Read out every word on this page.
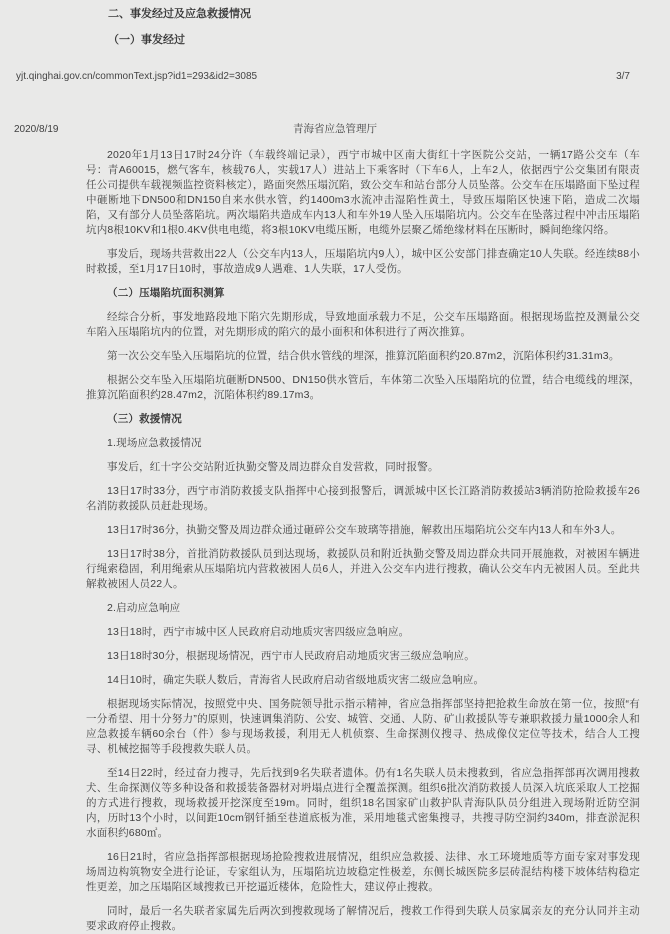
二、事发经过及应急救援情况
（一）事发经过
yjt.qinghai.gov.cn/commonText.jsp?id1=293&id2=3085	3/7
2020/8/19	青海省应急管理厅
2020年1月13日17时24分许（车载终端记录），西宁市城中区南大街红十字医院公交站，一辆17路公交车（车号：青A60015，燃气客车，核载76人，实载17人）进站上下乘客时（下车6人，上车2人，依据西宁公交集团有限责任公司提供车载视频监控资料核定），路面突然压塌沉陷，致公交车和站台部分人员坠落。公交车在压塌路面下坠过程中砸断地下DN500和DN150自来水供水管，约1400m3水流冲击湿陷性黄土，导致压塌陷区快速下陷，造成二次塌陷，又有部分人员坠落陷坑。两次塌陷共造成车内13人和车外19人坠入压塌陷坑内。公交车在坠落过程中冲击压塌陷坑内8根10KV和1根0.4KV供电电缆，将3根10KV电缆压断，电缆外层聚乙烯绝缘材料在压断时，瞬间绝缘闪络。
事发后，现场共营救出22人（公交车内13人，压塌陷坑内9人），城中区公安部门排查确定10人失联。经连续88小时救援，至1月17日10时，事故造成9人遇难、1人失联，17人受伤。
（二）压塌陷坑面积测算
经综合分析，事发地路段地下陷穴先期形成，导致地面承载力不足，公交车压塌路面。根据现场监控及测量公交车陷入压塌陷坑内的位置，对先期形成的陷穴的最小面积和体积进行了两次推算。
第一次公交车坠入压塌陷坑的位置，结合供水管线的埋深，推算沉陷面积约20.87m2，沉陷体积约31.31m3。
根据公交车坠入压塌陷坑砸断DN500、DN150供水管后，车体第二次坠入压塌陷坑的位置，结合电缆线的埋深，推算沉陷面积约28.47m2，沉陷体积约89.17m3。
（三）救援情况
1.现场应急救援情况
事发后，红十字公交站附近执勤交警及周边群众自发营救，同时报警。
13日17时33分，西宁市消防救援支队指挥中心接到报警后，调派城中区长江路消防救援站3辆消防抢险救援车26名消防救援队员赶赴现场。
13日17时36分，执勤交警及周边群众通过砸碎公交车玻璃等措施，解救出压塌陷坑公交车内13人和车外3人。
13日17时38分，首批消防救援队员到达现场，救援队员和附近执勤交警及周边群众共同开展施救，对被困车辆进行绳索稳固，利用绳索从压塌陷坑内营救被困人员6人，并进入公交车内进行搜救，确认公交车内无被困人员。至此共解救被困人员22人。
2.启动应急响应
13日18时，西宁市城中区人民政府启动地质灾害四级应急响应。
13日18时30分，根据现场情况，西宁市人民政府启动地质灾害三级应急响应。
14日10时，确定失联人数后，青海省人民政府启动省级地质灾害二级应急响应。
根据现场实际情况，按照党中央、国务院领导批示指示精神，省应急指挥部坚持把抢救生命放在第一位，按照“有一分希望、用十分努力”的原则，快速调集消防、公安、城管、交通、人防、矿山救援队等专兼职救援力量1000余人和应急救援车辆60余台（件）参与现场救援，利用无人机侦察、生命探测仪搜寻、热成像仪定位等技术，结合人工搜寻、机械挖掘等手段搜救失联人员。
至14日22时，经过奋力搜寻，先后找到9名失联者遗体。仍有1名失联人员未搜救到，省应急指挥部再次调用搜救犬、生命探测仪等多种设备和救援装备器材对坍塌点进行全覆盖探测。组织6批次消防救援人员深入坑底采取人工挖掘的方式进行搜救，现场救援开挖深度至19m。同时，组织18名国家矿山救护队青海队队员分组进入现场附近防空洞内，历时13个小时，以间距10cm钢钎插至巷道底板为准，采用地毯式密集搜寻，共搜寻防空洞约340m，排查淤泥积水面积约680㎡。
16日21时，省应急指挥部根据现场抢险搜救进展情况，组织应急救援、法律、水工环境地质等方面专家对事发现场周边构筑物安全进行论证，专家组认为，压塌陷坑边坡稳定性极差，东侧长城医院多层砖混结构楼下坡体结构稳定性更差，加之压塌陷区域搜救已开挖逼近楼体，危险性大，建议停止搜救。
同时，最后一名失联者家属先后两次到搜救现场了解情况后，搜救工作得到失联人员家属亲友的充分认同并主动要求政府停止搜救。
